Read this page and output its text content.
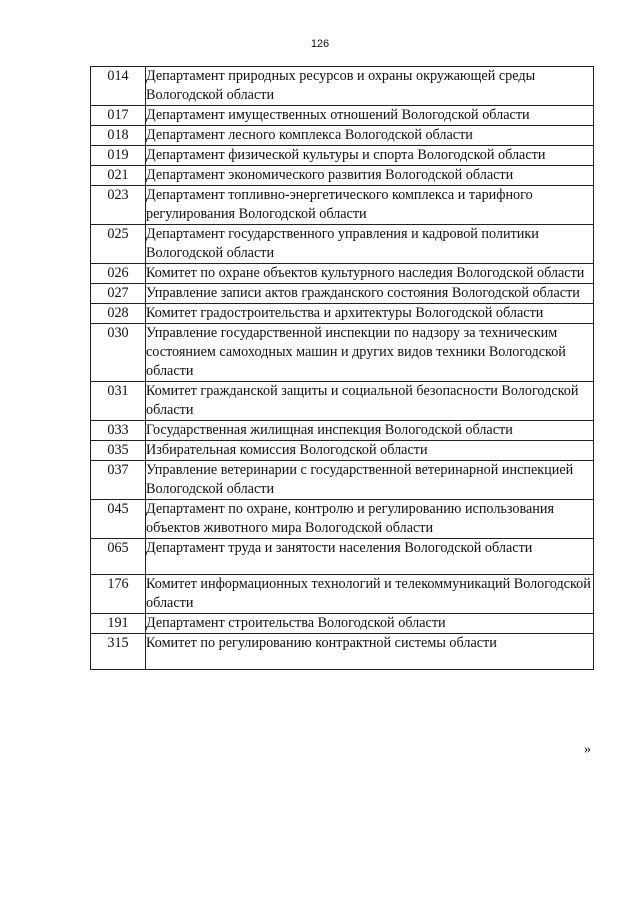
126
014	Департамент природных ресурсов и охраны окружающей среды Вологодской области
017	Департамент имущественных отношений Вологодской области
018	Департамент лесного комплекса Вологодской области
019	Департамент физической культуры и спорта Вологодской области
021	Департамент экономического развития Вологодской области
023	Департамент топливно-энергетического комплекса и тарифного регулирования Вологодской области
025	Департамент государственного управления и кадровой политики Вологодской области
026	Комитет по охране объектов культурного наследия Вологодской области
027	Управление записи актов гражданского состояния Вологодской области
028	Комитет градостроительства и архитектуры Вологодской области
030	Управление государственной инспекции по надзору за техническим состоянием самоходных машин и других видов техники Вологодской области
031	Комитет гражданской защиты и социальной безопасности Вологодской области
033	Государственная жилищная инспекция Вологодской области
035	Избирательная комиссия Вологодской области
037	Управление ветеринарии с государственной ветеринарной инспекцией Вологодской области
045	Департамент по охране, контролю и регулированию использования объектов животного мира Вологодской области
065	Департамент труда и занятости населения Вологодской области
176	Комитет информационных технологий и телекоммуникаций Вологодской области
191	Департамент строительства Вологодской области
315	Комитет по регулированию контрактной системы области
»
